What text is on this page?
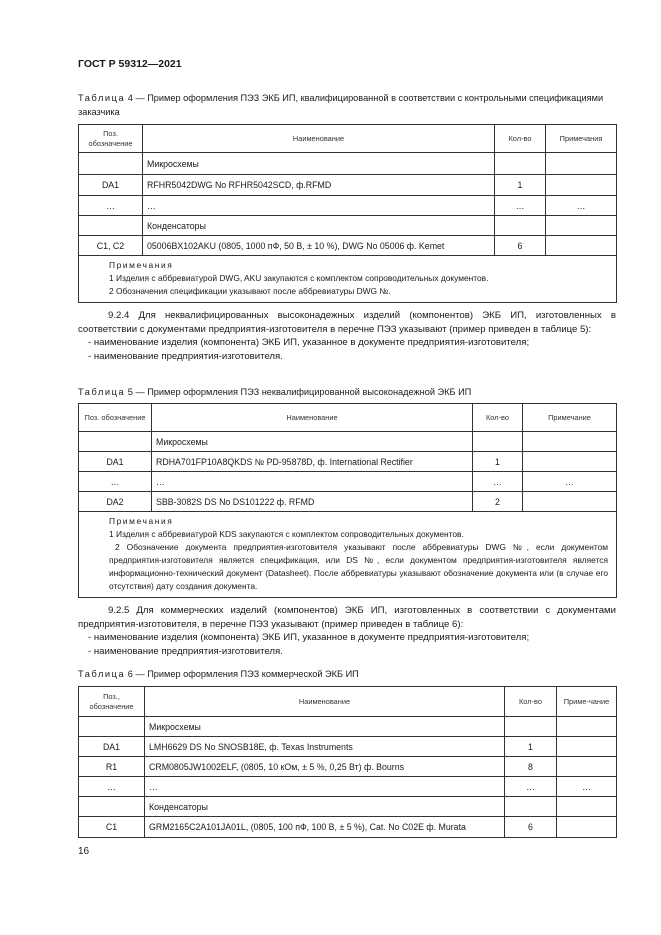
ГОСТ Р 59312—2021
Таблица 4 — Пример оформления ПЭЗ ЭКБ ИП, квалифицированной в соответствии с контрольными спецификациями заказчика
Поз. обозначение	Наименование	Кол-во	Примечания
	Микросхемы		
DA1	RFHR5042DWG No RFHR5042SCD, ф.RFMD	1	
…	…	…	…
	Конденсаторы		
C1, C2	05006BX102AKU (0805, 1000 пФ, 50 В, ± 10 %), DWG No 05006 ф. Kemet	6	

Примечания

1 Изделия с аббревиатурой DWG, AKU закупаются с комплектом сопроводительных документов.

2 Обозначения спецификации указывают после аббревиатуры DWG №.			

9.2.4 Для неквалифицированных высоконадежных изделий (компонентов) ЭКБ ИП, изготовленных в соответствии с документами предприятия-изготовителя в перечне ПЭЗ указывают (пример приведен в таблице 5):

- наименование изделия (компонента) ЭКБ ИП, указанное в документе предприятия-изготовителя;

- наименование предприятия-изготовителя.

Таблица 5 — Пример оформления ПЭЗ неквалифицированной высоконадежной ЭКБ ИП
Поз. обозначение	Наименование	Кол-во	Примечание
	Микросхемы		
DA1	RDHA701FP10A8QKDS № PD-95878D, ф. International Rectifier	1	
…	…	…	…
DA2	SBB-3082S DS No DS101222 ф. RFMD	2	

Примечания

1 Изделия с аббревиатурой KDS закупаются с комплектом сопроводительных документов.

2 Обозначение документа предприятия-изготовителя указывают после аббревиатуры DWG №, если документом предприятия-изготовителя является спецификация, или DS №, если документом предприятия-изготовителя является информационно-технический документ (Datasheet). После аббревиатуры указывают обозначение документа или (в случае его отсутствия) дату создания документа.			

9.2.5 Для коммерческих изделий (компонентов) ЭКБ ИП, изготовленных в соответствии с документами предприятия-изготовителя, в перечне ПЭЗ указывают (пример приведен в таблице 6):

- наименование изделия (компонента) ЭКБ ИП, указанное в документе предприятия-изготовителя;

- наименование предприятия-изготовителя.

Таблица 6 — Пример оформления ПЭЗ коммерческой ЭКБ ИП
Поз., обозначение	Наименование	Кол-во	Приме-чание
	Микросхемы		
DA1	LMH6629 DS No SNOSB18E, ф. Texas Instruments	1	
R1	CRM0805JW1002ELF, (0805, 10 кОм, ± 5 %, 0,25 Вт) ф. Bourns	8	
…	…	…	…
	Конденсаторы		
C1	GRM2165C2A101JA01L, (0805, 100 пФ, 100 В, ± 5 %), Cat. No C02E ф. Murata	6	
16
